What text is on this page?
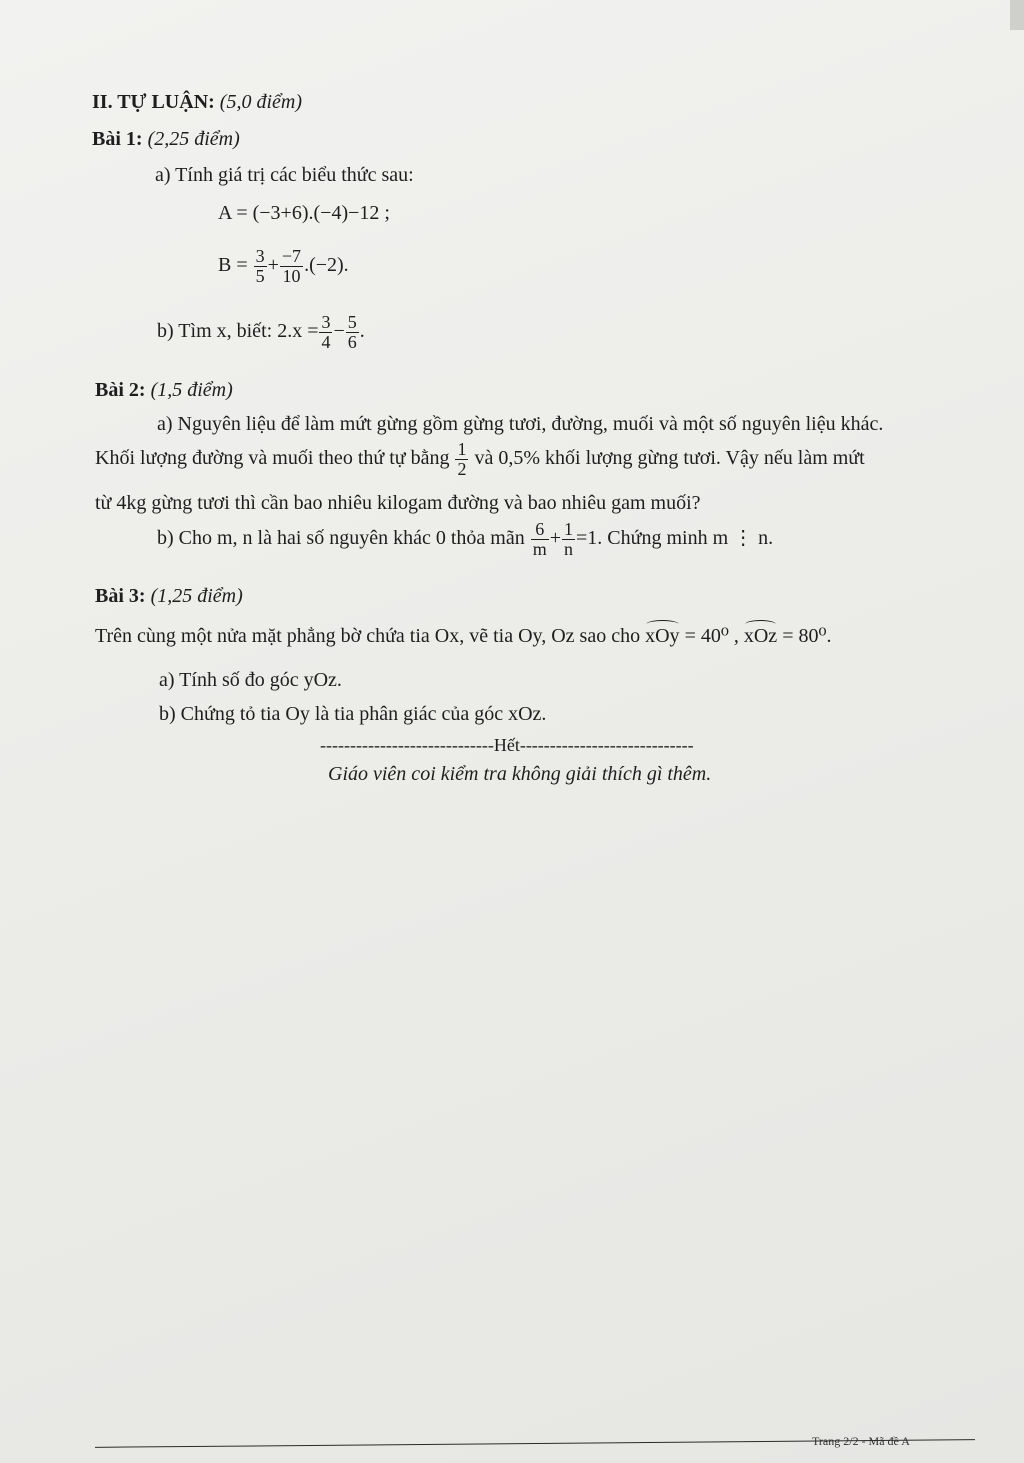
II. TỰ LUẬN: (5,0 điểm)
Bài 1: (2,25 điểm)
a) Tính giá trị các biểu thức sau:
A = (−3+6).(−4)−12 ;
$B = \frac{3}{5} + \frac{-7}{10} .(-2)$.
b) Tìm x, biết: $2.x = \frac{3}{4} - \frac{5}{6}$ .
Bài 2: (1,5 điểm)
a) Nguyên liệu để làm mứt gừng gồm gừng tươi, đường, muối và một số nguyên liệu khác.
Khối lượng đường và muối theo thứ tự bằng $\frac{1}{2}$ và 0,5% khối lượng gừng tươi. Vậy nếu làm mứt
từ 4kg gừng tươi thì cần bao nhiêu kilogam đường và bao nhiêu gam muối?
b) Cho m, n là hai số nguyên khác 0 thỏa mãn $\frac{6}{m} + \frac{1}{n} =1$. Chứng minh m ⋮ n.
Bài 3: (1,25 điểm)
Trên cùng một nửa mặt phẳng bờ chứa tia Ox, vẽ tia Oy, Oz sao cho xOy = 40⁰ , xOz = 80⁰.
a) Tính số đo góc yOz.
b) Chứng tỏ tia Oy là tia phân giác của góc xOz.
-----------------------------Hết-----------------------------
Giáo viên coi kiểm tra không giải thích gì thêm.
Trang 2/2 - Mã đề A
